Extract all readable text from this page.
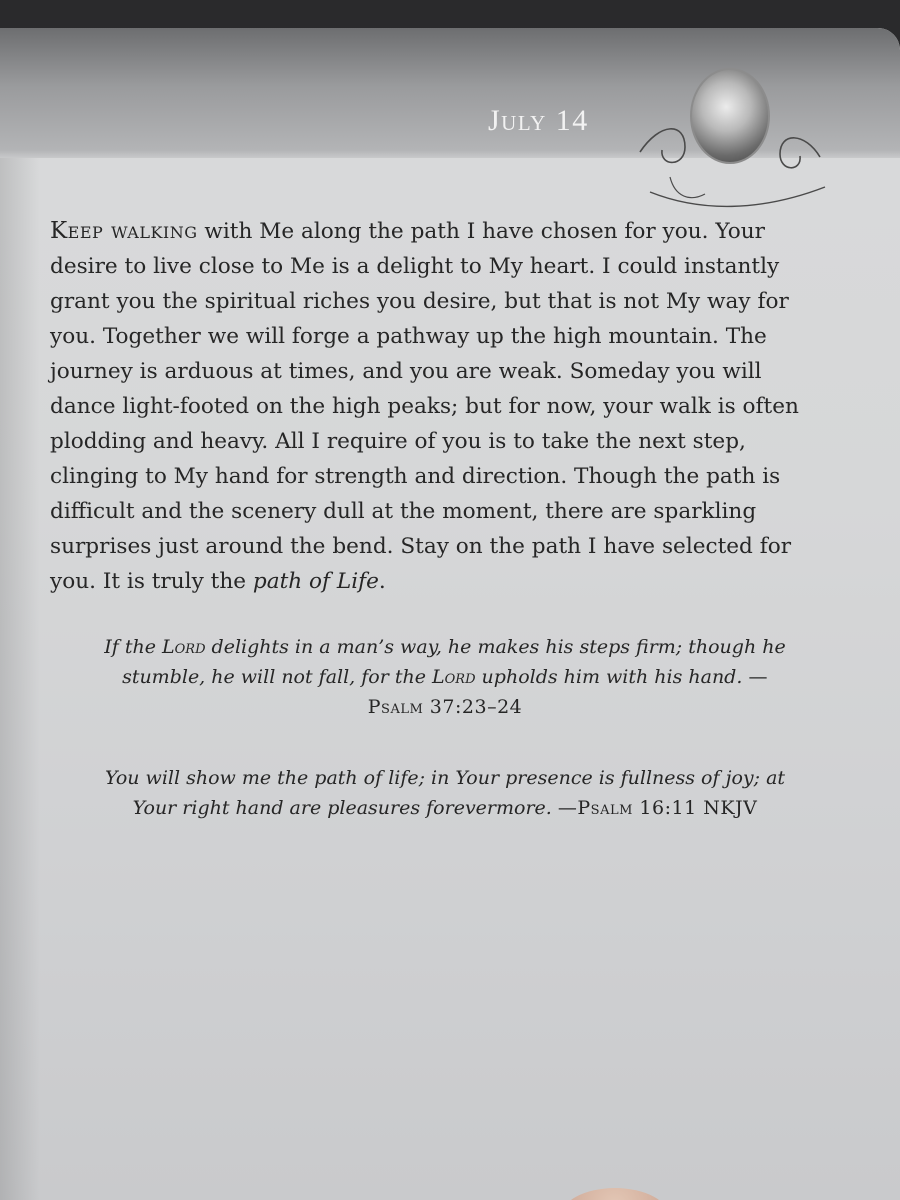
July 14

Keep walking with Me along the path I have chosen for you. Your desire to live close to Me is a delight to My heart. I could instantly grant you the spiritual riches you desire, but that is not My way for you. Together we will forge a pathway up the high mountain. The journey is arduous at times, and you are weak. Someday you will dance light-footed on the high peaks; but for now, your walk is often plodding and heavy. All I require of you is to take the next step, clinging to My hand for strength and direction. Though the path is difficult and the scenery dull at the moment, there are sparkling surprises just around the bend. Stay on the path I have selected for you. It is truly the path of Life.

If the Lord delights in a man’s way, he makes his steps firm; though he stumble, he will not fall, for the Lord upholds him with his hand. —Psalm 37:23–24
You will show me the path of life; in Your presence is fullness of joy; at Your right hand are pleasures forevermore. —Psalm 16:11 NKJV
